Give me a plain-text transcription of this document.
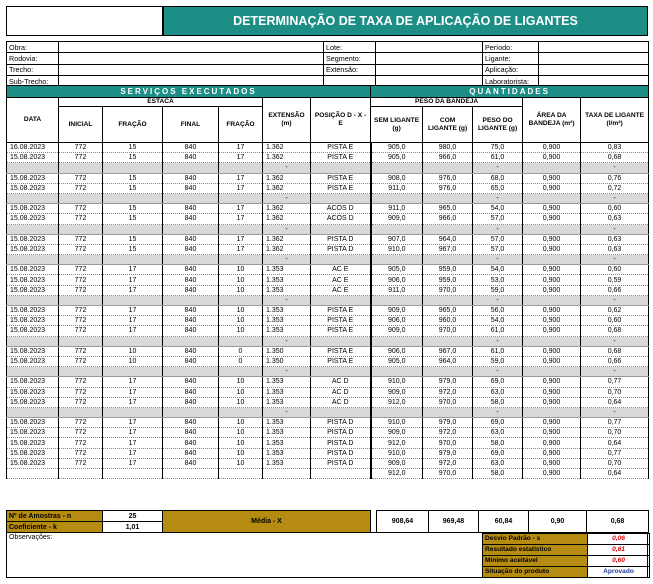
DETERMINAÇÃO DE TAXA DE APLICAÇÃO DE LIGANTES
Obra:		Lote:		Período:	
Rodovia:		Segmento:		Ligante:	
Trecho:		Extensão:		Aplicação:	
Sub-Trecho:				Laboratorista:	
SERVIÇOS EXECUTADOS							QUANTIDADES				
DATA	ESTACA				EXTENSÃO (m)	POSIÇÃO D - X - E	PESO DA BANDEJA			ÁREA DA BANDEJA (m²)	TAXA DE LIGANTE (l/m²)
	INICIAL	FRAÇÃO	FINAL	FRAÇÃO			SEM LIGANTE (g)	COM LIGANTE (g)	PESO DO LIGANTE (g)		
16.08.2023	772	15	840	17	1.362	PISTA E	905,0	980,0	75,0	0,900	0,83
15.08.2023	772	15	840	17	1.362	PISTA E	905,0	966,0	61,0	0,900	0,68
					-				-		-
15.08.2023	772	15	840	17	1.362	PISTA E	908,0	976,0	68,0	0,900	0,76
15.08.2023	772	15	840	17	1.362	PISTA E	911,0	976,0	65,0	0,900	0,72
					-				-		-
15.08.2023	772	15	840	17	1.362	ACOS D	911,0	965,0	54,0	0,900	0,60
15.08.2023	772	15	840	17	1.362	ACOS D	909,0	966,0	57,0	0,900	0,63
					-				-		-
15.08.2023	772	15	840	17	1.362	PISTA D	907,0	964,0	57,0	0,900	0,63
15.08.2023	772	15	840	17	1.362	PISTA D	910,0	967,0	57,0	0,900	0,63
					-				-		-
15.08.2023	772	17	840	10	1.353	AC E	905,0	959,0	54,0	0,900	0,60
15.08.2023	772	17	840	10	1.353	AC E	906,0	959,0	53,0	0,900	0,59
15.08.2023	772	17	840	10	1.353	AC E	911,0	970,0	59,0	0,900	0,66
					-				-		-
15.08.2023	772	17	840	10	1.353	PISTA E	909,0	965,0	56,0	0,900	0,62
15.08.2023	772	17	840	10	1.353	PISTA E	906,0	960,0	54,0	0,900	0,60
15.08.2023	772	17	840	10	1.353	PISTA E	909,0	970,0	61,0	0,900	0,68
					-				-		-
15.08.2023	772	10	840	0	1.350	PISTA E	906,0	967,0	61,0	0,900	0,68
15.08.2023	772	10	840	0	1.350	PISTA E	905,0	964,0	59,0	0,900	0,66
					-				-		-
15.08.2023	772	17	840	10	1.353	AC D	910,0	979,0	69,0	0,900	0,77
15.08.2023	772	17	840	10	1.353	AC D	909,0	972,0	63,0	0,900	0,70
15.08.2023	772	17	840	10	1.353	AC D	912,0	970,0	58,0	0,900	0,64
					-				-		-
15.08.2023	772	17	840	10	1.353	PISTA D	910,0	979,0	69,0	0,900	0,77
15.08.2023	772	17	840	10	1.353	PISTA D	909,0	972,0	63,0	0,900	0,70
15.08.2023	772	17	840	10	1.353	PISTA D	912,0	970,0	58,0	0,900	0,64
15.08.2023	772	17	840	10	1.353	PISTA D	910,0	979,0	69,0	0,900	0,77
15.08.2023	772	17	840	10	1.353	PISTA D	909,0	972,0	63,0	0,900	0,70
							912,0	970,0	58,0	0,900	0,64
Nº de Amostras - n	25	Média - X		908,64	969,48	60,84	0,90	0,68
Coeficiente - k	1,01							
Observações:	Desvio Padrão - s	0,06
Resultado estatístico	0,61
Mínimo aceitável	0,60
Situação do produto	Aprovado
